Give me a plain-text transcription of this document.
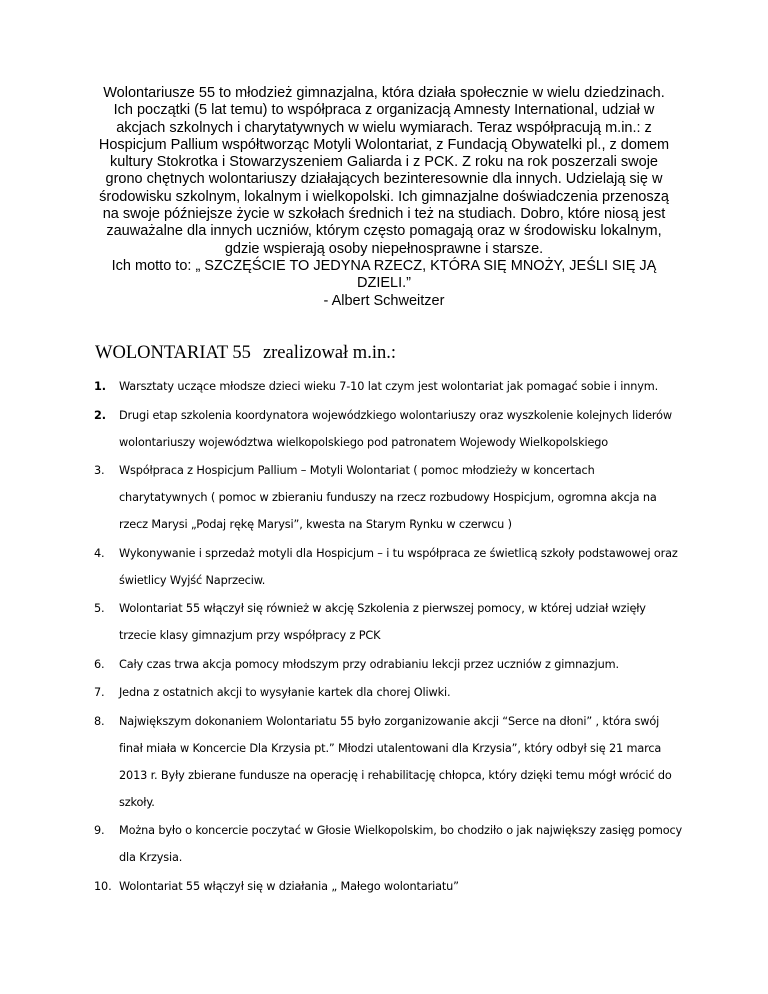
Wolontariusze 55 to młodzież gimnazjalna, która działa społecznie w wielu dziedzinach.

Ich początki (5 lat temu) to współpraca z organizacją Amnesty International, udział w akcjach szkolnych i charytatywnych w wielu wymiarach. Teraz współpracują m.in.: z Hospicjum Pallium współtworząc Motyli Wolontariat, z Fundacją Obywatelki pl., z domem kultury Stokrotka i Stowarzyszeniem Galiarda i z PCK. Z roku na rok poszerzali swoje grono chętnych wolontariuszy działających bezinteresownie dla innych. Udzielają się w środowisku szkolnym, lokalnym i wielkopolski. Ich gimnazjalne doświadczenia przenoszą na swoje późniejsze życie w szkołach średnich i też na studiach. Dobro, które niosą jest zauważalne dla innych uczniów, którym często pomagają oraz w środowisku lokalnym, gdzie wspierają osoby niepełnosprawne i starsze.

Ich motto to: „ SZCZĘŚCIE TO JEDYNA RZECZ, KTÓRA SIĘ MNOŻY, JEŚLI SIĘ JĄ DZIELI.”

- Albert Schweitzer

WOLONTARIAT 55 zrealizował m.in.:
1. Warsztaty uczące młodsze dzieci wieku 7-10 lat czym jest wolontariat jak pomagać sobie i innym.
2. Drugi etap szkolenia koordynatora wojewódzkiego wolontariuszy oraz wyszkolenie kolejnych liderów wolontariuszy województwa wielkopolskiego pod patronatem Wojewody Wielkopolskiego
3. Współpraca z Hospicjum Pallium – Motyli Wolontariat ( pomoc młodzieży w koncertach charytatywnych ( pomoc w zbieraniu funduszy na rzecz rozbudowy Hospicjum, ogromna akcja na rzecz Marysi „Podaj rękę Marysi”, kwesta na Starym Rynku w czerwcu )
4. Wykonywanie i sprzedaż motyli dla Hospicjum – i tu współpraca ze świetlicą szkoły podstawowej oraz świetlicy Wyjść Naprzeciw.
5. Wolontariat 55 włączył się również w akcję Szkolenia z pierwszej pomocy, w której udział wzięły trzecie klasy gimnazjum przy współpracy z PCK
6. Cały czas trwa akcja pomocy młodszym przy odrabianiu lekcji przez uczniów z gimnazjum.
7. Jedna z ostatnich akcji to wysyłanie kartek dla chorej Oliwki.
8. Największym dokonaniem Wolontariatu 55 było zorganizowanie akcji “Serce na dłoni” , która swój finał miała w Koncercie Dla Krzysia pt.” Młodzi utalentowani dla Krzysia”, który odbył się 21 marca 2013 r. Były zbierane fundusze na operację i rehabilitację chłopca, który dzięki temu mógł wrócić do szkoły.
9. Można było o koncercie poczytać w Głosie Wielkopolskim, bo chodziło o jak największy zasięg pomocy dla Krzysia.
10. Wolontariat 55 włączył się w działania „ Małego wolontariatu”
